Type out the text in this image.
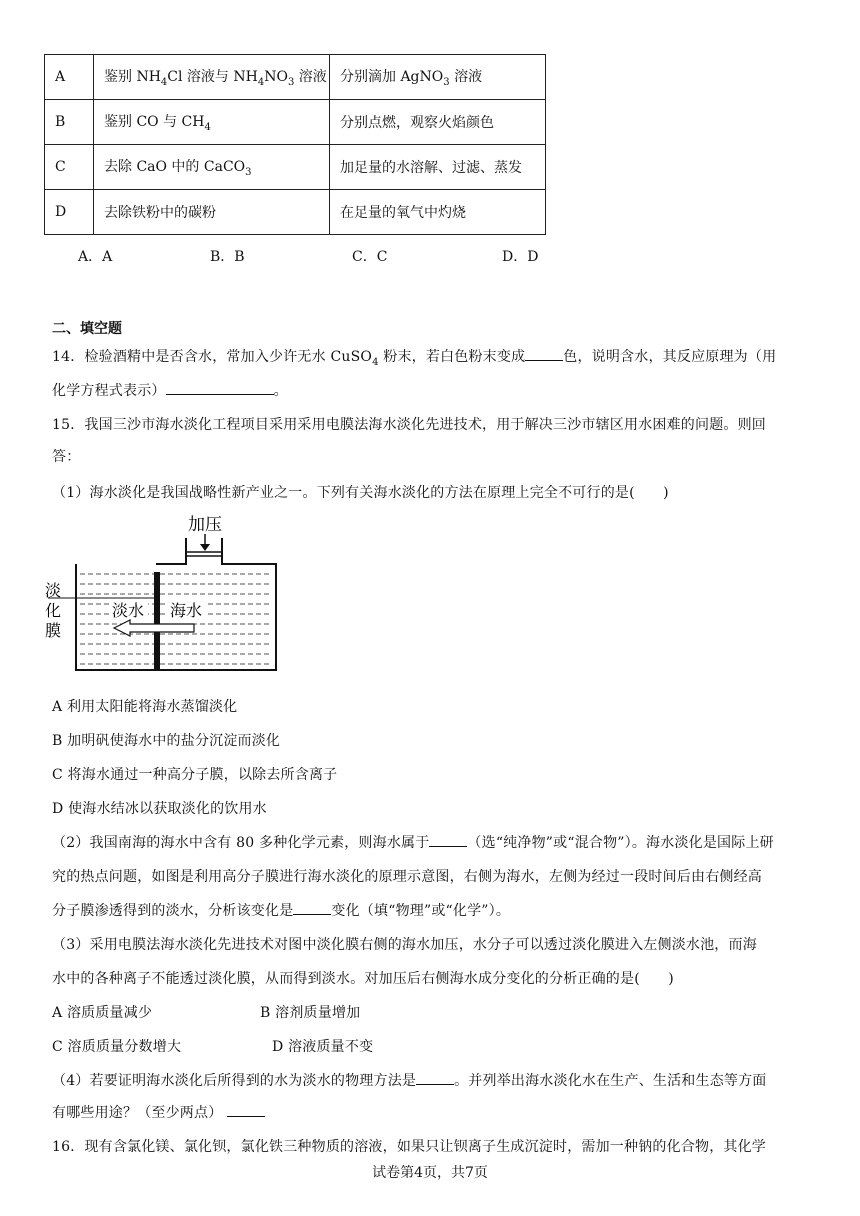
A	鉴别 $NH_4Cl$ 溶液与 $NH_4NO_3$ 溶液	分别滴加 AgNO$_3$ 溶液
B	鉴别 CO 与 $CH_4$	分别点燃，观察火焰颜色
C	去除 CaO 中的 CaCO$_3$	加足量的水溶解、过滤、蒸发
D	去除铁粉中的碳粉	在足量的氧气中灼烧
A．A	B．B	C．C	D．D
二、填空题
14．检验酒精中是否含水，常加入少许无水 CuSO$_4$ 粉末，若白色粉末变成	色，说明含水，其反应原理为（用
化学方程式表示）	。
15．我国三沙市海水淡化工程项目采用采用电膜法海水淡化先进技术，用于解决三沙市辖区用水困难的问题。则回
答：
（1）海水淡化是我国战略性新产业之一。下列有关海水淡化的方法在原理上完全不可行的是(　　)
加压
淡水 海水
淡化膜
A 利用太阳能将海水蒸馏淡化
B 加明矾使海水中的盐分沉淀而淡化
C 将海水通过一种高分子膜，以除去所含离子
D 使海水结冰以获取淡化的饮用水
（2）我国南海的海水中含有 80 多种化学元素，则海水属于	（选“纯净物”或“混合物”）。海水淡化是国际上研
究的热点问题，如图是利用高分子膜进行海水淡化的原理示意图，右侧为海水，左侧为经过一段时间后由右侧经高
分子膜渗透得到的淡水，分析该变化是	变化（填“物理”或“化学”）。
（3）采用电膜法海水淡化先进技术对图中淡化膜右侧的海水加压，水分子可以透过淡化膜进入左侧淡水池，而海
水中的各种离子不能透过淡化膜，从而得到淡水。对加压后右侧海水成分变化的分析正确的是(　　)
A 溶质质量减少	B 溶剂质量增加
C 溶质质量分数增大	D 溶液质量不变
（4）若要证明海水淡化后所得到的水为淡水的物理方法是	。并列举出海水淡化水在生产、生活和生态等方面
有哪些用途？（至少两点）
16．现有含氯化镁、氯化钡，氯化铁三种物质的溶液，如果只让钡离子生成沉淀时，需加一种钠的化合物，其化学
试卷第4页，共7页
